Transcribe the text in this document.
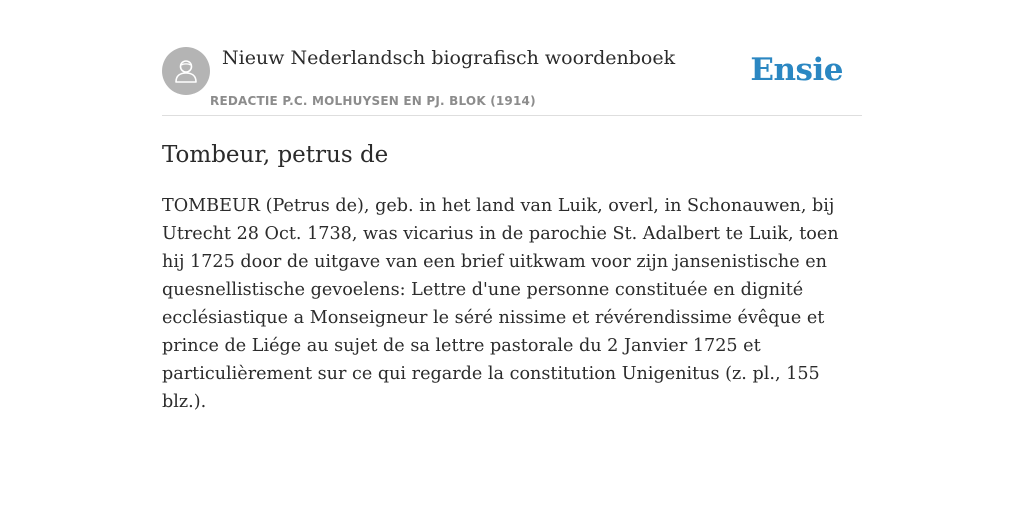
Nieuw Nederlandsch biografisch woordenboek
REDACTIE P.C. MOLHUYSEN EN PJ. BLOK (1914)
Ensie
Tombeur, petrus de

TOMBEUR (Petrus de), geb. in het land van Luik, overl, in Schonauwen, bij Utrecht 28 Oct. 1738, was vicarius in de parochie St. Adalbert te Luik, toen hij 1725 door de uitgave van een brief uitkwam voor zijn jansenistische en quesnellistische gevoelens: Lettre d'une personne constituée en dignité ecclésiastique a Monseigneur le séré nissime et révérendissime évêque et prince de Liége au sujet de sa lettre pastorale du 2 Janvier 1725 et particulièrement sur ce qui regarde la constitution Unigenitus (z. pl., 155 blz.).
